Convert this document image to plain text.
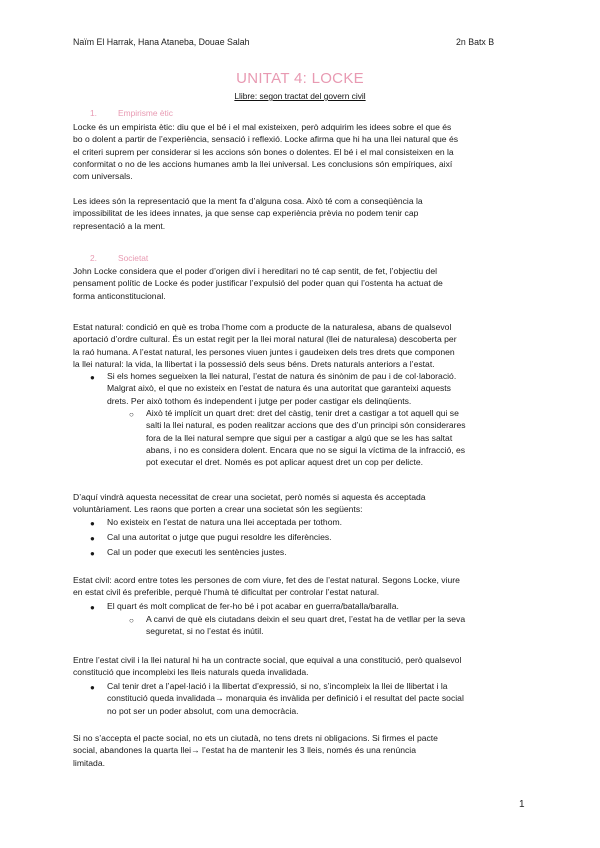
Naïm El Harrak, Hana Ataneba, Douae Salah	2n Batx B
UNITAT 4: LOCKE
Llibre: segon tractat del govern civil
1.	Empirisme ètic
Locke és un empirista ètic: diu que el bé i el mal existeixen, però adquirim les idees sobre el que és
bo o dolent a partir de l’experiència, sensació i reflexió. Locke afirma que hi ha una llei natural que és
el criteri suprem per considerar si les accions són bones o dolentes. El bé i el mal consisteixen en la
conformitat o no de les accions humanes amb la llei universal. Les conclusions són empíriques, així
com universals.
Les idees són la representació que la ment fa d’alguna cosa. Això té com a conseqüència la
impossibilitat de les idees innates, ja que sense cap experiència prèvia no podem tenir cap
representació a la ment.
2.	Societat
John Locke considera que el poder d’origen diví i hereditari no té cap sentit, de fet, l’objectiu del
pensament polític de Locke és poder justificar l’expulsió del poder quan qui l’ostenta ha actuat de
forma anticonstitucional.
Estat natural: condició en què es troba l’home com a producte de la naturalesa, abans de qualsevol
aportació d’ordre cultural. És un estat regit per la llei moral natural (llei de naturalesa) descoberta per
la raó humana. A l’estat natural, les persones viuen juntes i gaudeixen dels tres drets que componen
la llei natural: la vida, la llibertat i la possessió dels seus béns. Drets naturals anteriors a l’estat.
● Si els homes segueixen la llei natural, l’estat de natura és sinònim de pau i de col·laboració.
Malgrat això, el que no existeix en l’estat de natura és una autoritat que garanteixi aquests
drets. Per això tothom és independent i jutge per poder castigar els delinqüents.
○ Això té implícit un quart dret: dret del càstig, tenir dret a castigar a tot aquell qui se
salti la llei natural, es poden realitzar accions que des d’un principi són considerares
fora de la llei natural sempre que sigui per a castigar a algú que se les has saltat
abans, i no es considera dolent. Encara que no se sigui la víctima de la infracció, es
pot executar el dret. Només es pot aplicar aquest dret un cop per delicte.
D’aquí vindrà aquesta necessitat de crear una societat, però només si aquesta és acceptada
voluntàriament. Les raons que porten a crear una societat són les següents:
● No existeix en l’estat de natura una llei acceptada per tothom.
● Cal una autoritat o jutge que pugui resoldre les diferències.
● Cal un poder que executi les sentències justes.
Estat civil: acord entre totes les persones de com viure, fet des de l’estat natural. Segons Locke, viure
en estat civil és preferible, perquè l’humà té dificultat per controlar l’estat natural.
● El quart és molt complicat de fer-ho bé i pot acabar en guerra/batalla/baralla.
○ A canvi de què els ciutadans deixin el seu quart dret, l’estat ha de vetllar per la seva
seguretat, si no l’estat és inútil.
Entre l’estat civil i la llei natural hi ha un contracte social, que equival a una constitució, però qualsevol
constitució que incompleixi les lleis naturals queda invalidada.
● Cal tenir dret a l’apel·lació i la llibertat d’expressió, si no, s’incompleix la llei de llibertat i la
constitució queda invalidada→ monarquia és invàlida per definició i el resultat del pacte social
no pot ser un poder absolut, com una democràcia.
Si no s’accepta el pacte social, no ets un ciutadà, no tens drets ni obligacions. Si firmes el pacte
social, abandones la quarta llei→ l’estat ha de mantenir les 3 lleis, només és una renúncia
limitada.
1
